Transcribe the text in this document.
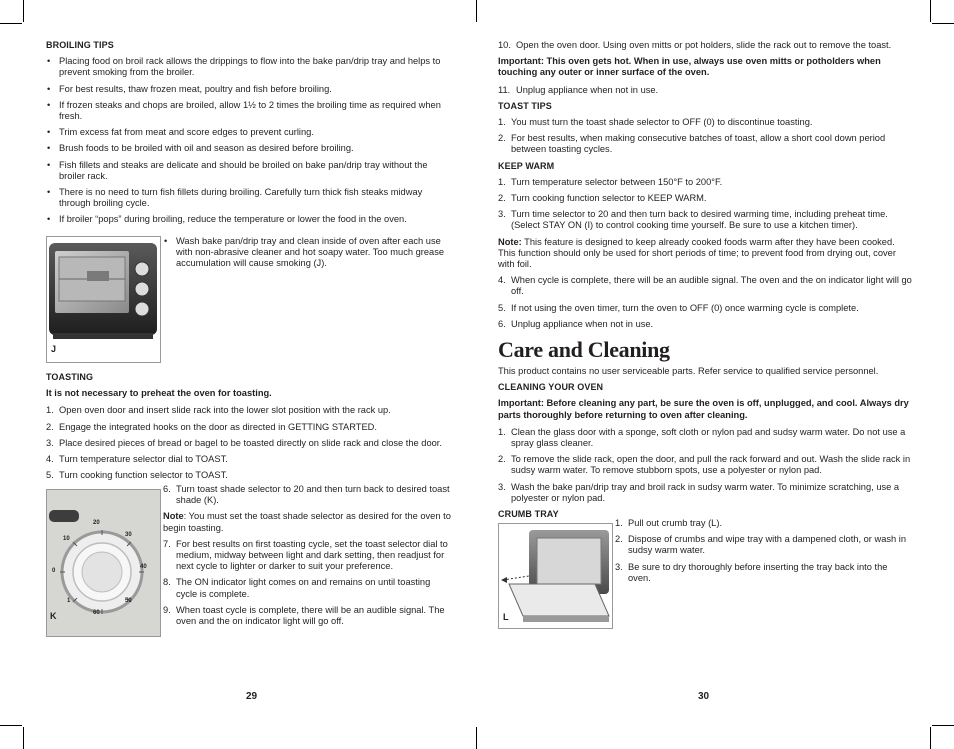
BROILING TIPS
• Placing food on broil rack allows the drippings to flow into the bake pan/drip tray and helps to prevent smoking from the broiler.
• For best results, thaw frozen meat, poultry and fish before broiling.
• If frozen steaks and chops are broiled, allow 1½ to 2 times the broiling time as required when fresh.
• Trim excess fat from meat and score edges to prevent curling.
• Brush foods to be broiled with oil and season as desired before broiling.
• Fish fillets and steaks are delicate and should be broiled on bake pan/drip tray without the broiler rack.
• There is no need to turn fish fillets during broiling. Carefully turn thick fish steaks midway through broiling cycle.
• If broiler “pops” during broiling, reduce the temperature or lower the food in the oven.
J
• Wash bake pan/drip tray and clean inside of oven after each use with non-abrasive cleaner and hot soapy water. Too much grease accumulation will cause smoking (J).
TOASTING
It is not necessary to preheat the oven for toasting.
1. Open oven door and insert slide rack into the lower slot position with the rack up.
2. Engage the integrated hooks on the door as directed in GETTING STARTED.
3. Place desired pieces of bread or bagel to be toasted directly on slide rack and close the door.
4. Turn temperature selector dial to TOAST.
5. Turn cooking function selector to TOAST.
20
30
10
40
0
50
60
1
K
6. Turn toast shade selector to 20 and then turn back to desired toast shade (K).
Note: You must set the toast shade selector as desired for the oven to begin toasting.
7. For best results on first toasting cycle, set the toast selector dial to medium, midway between light and dark setting, then readjust for next cycle to lighter or darker to suit your preference.
8. The ON indicator light comes on and remains on until toasting cycle is complete.
9. When toast cycle is complete, there will be an audible signal. The oven and the on indicator light will go off.
29
10. Open the oven door. Using oven mitts or pot holders, slide the rack out to remove the toast.
Important: This oven gets hot. When in use, always use oven mitts or potholders when touching any outer or inner surface of the oven.
11. Unplug appliance when not in use.
TOAST TIPS
1. You must turn the toast shade selector to OFF (0) to discontinue toasting.
2. For best results, when making consecutive batches of toast, allow a short cool down period between toasting cycles.
KEEP WARM
1. Turn temperature selector between 150°F to 200°F.
2. Turn cooking function selector to KEEP WARM.
3. Turn time selector to 20 and then turn back to desired warming time, including preheat time. (Select STAY ON (I) to control cooking time yourself. Be sure to use a kitchen timer).
Note: This feature is designed to keep already cooked foods warm after they have been cooked. This function should only be used for short periods of time; to prevent food from drying out, cover with foil.
4. When cycle is complete, there will be an audible signal. The oven and the on indicator light will go off.
5. If not using the oven timer, turn the oven to OFF (0) once warming cycle is complete.
6. Unplug appliance when not in use.
Care and Cleaning
This product contains no user serviceable parts. Refer service to qualified service personnel.
CLEANING YOUR OVEN
Important: Before cleaning any part, be sure the oven is off, unplugged, and cool. Always dry parts thoroughly before returning to oven after cleaning.
1. Clean the glass door with a sponge, soft cloth or nylon pad and sudsy warm water. Do not use a spray glass cleaner.
2. To remove the slide rack, open the door, and pull the rack forward and out. Wash the slide rack in sudsy warm water. To remove stubborn spots, use a polyester or nylon pad.
3. Wash the bake pan/drip tray and broil rack in sudsy warm water. To minimize scratching, use a polyester or nylon pad.
CRUMB TRAY
L
1. Pull out crumb tray (L).
2. Dispose of crumbs and wipe tray with a dampened cloth, or wash in sudsy warm water.
3. Be sure to dry thoroughly before inserting the tray back into the oven.
30
